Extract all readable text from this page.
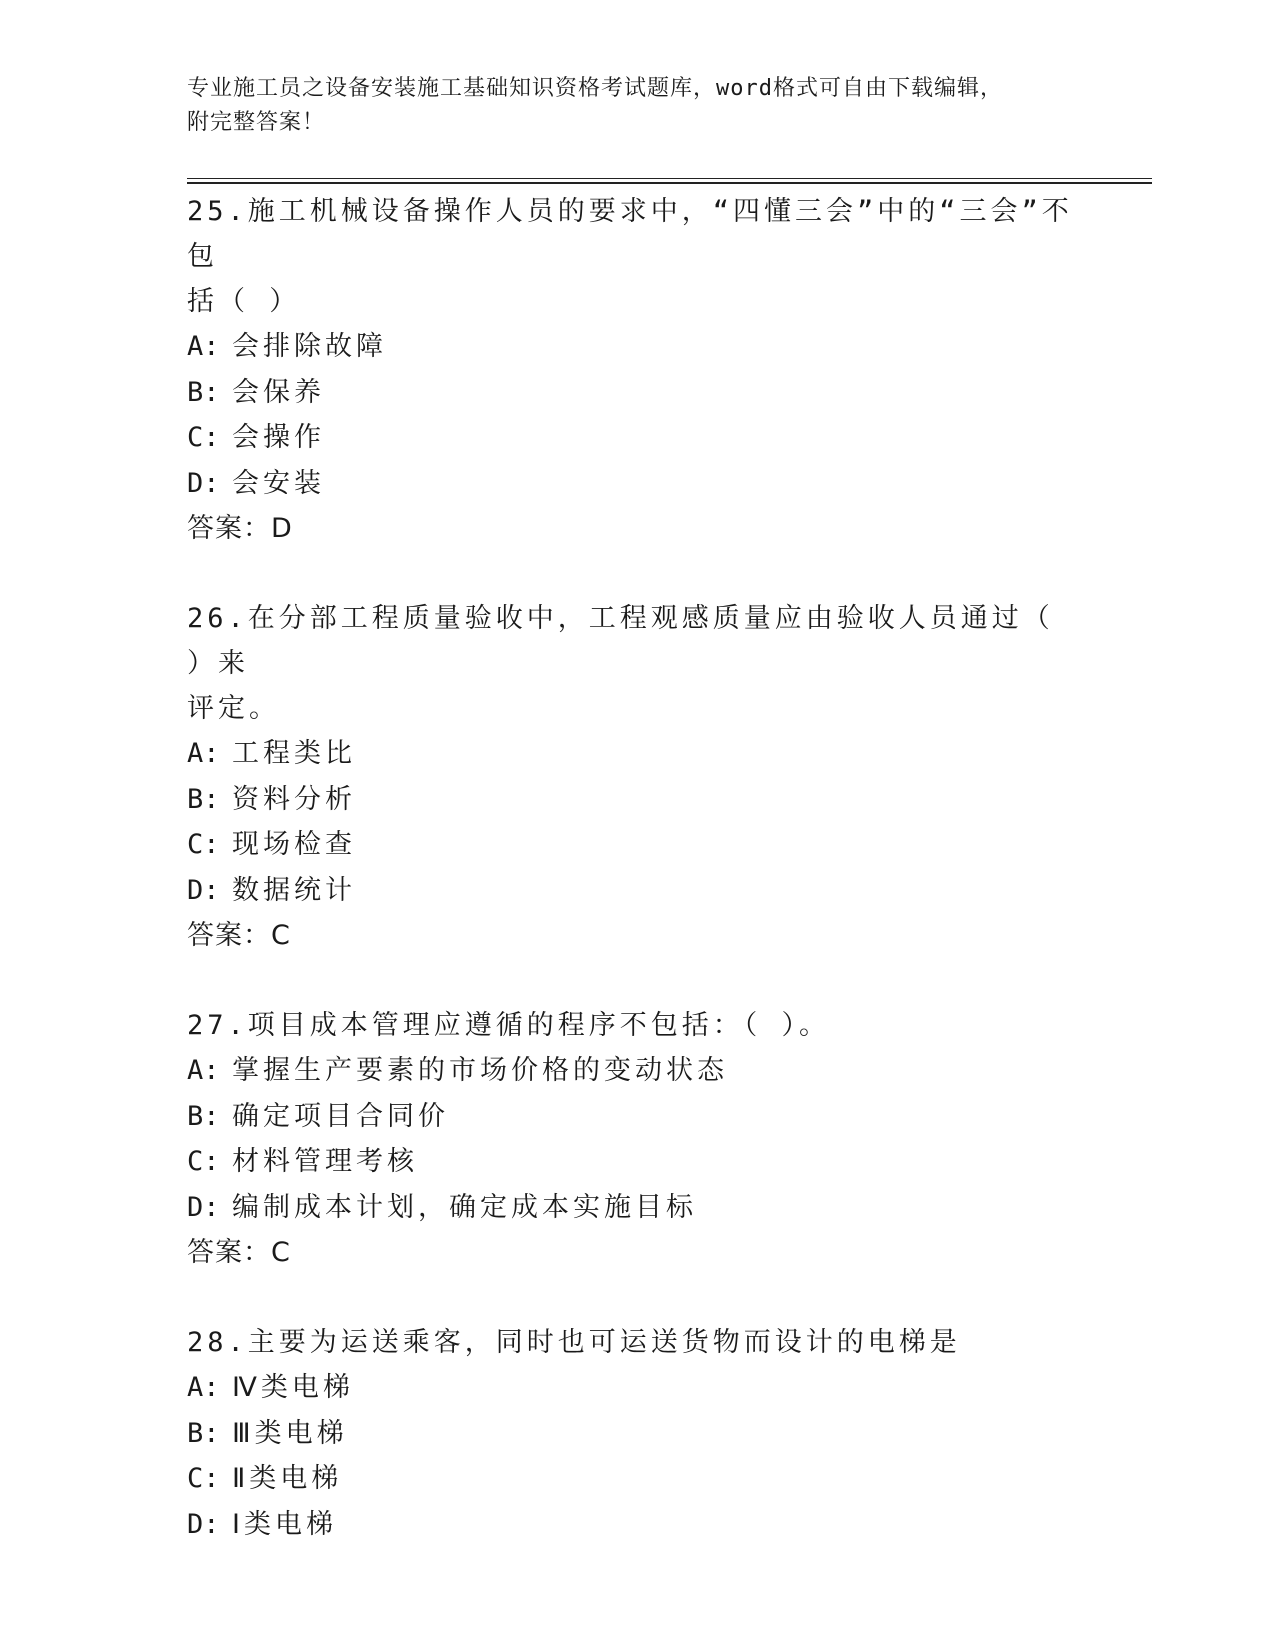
专业施工员之设备安装施工基础知识资格考试题库，word格式可自由下载编辑，
附完整答案！
25.施工机械设备操作人员的要求中，“四懂三会”中的“三会”不包
括（ ）
A: 会排除故障
B: 会保养
C: 会操作
D: 会安装
答案：D
26.在分部工程质量验收中，工程观感质量应由验收人员通过（ ）来
评定。
A: 工程类比
B: 资料分析
C: 现场检查
D: 数据统计
答案：C
27.项目成本管理应遵循的程序不包括：（ ）。
A: 掌握生产要素的市场价格的变动状态
B: 确定项目合同价
C: 材料管理考核
D: 编制成本计划，确定成本实施目标
答案：C
28.主要为运送乘客，同时也可运送货物而设计的电梯是
A: Ⅳ类电梯
B: Ⅲ类电梯
C: Ⅱ类电梯
D: Ⅰ类电梯
